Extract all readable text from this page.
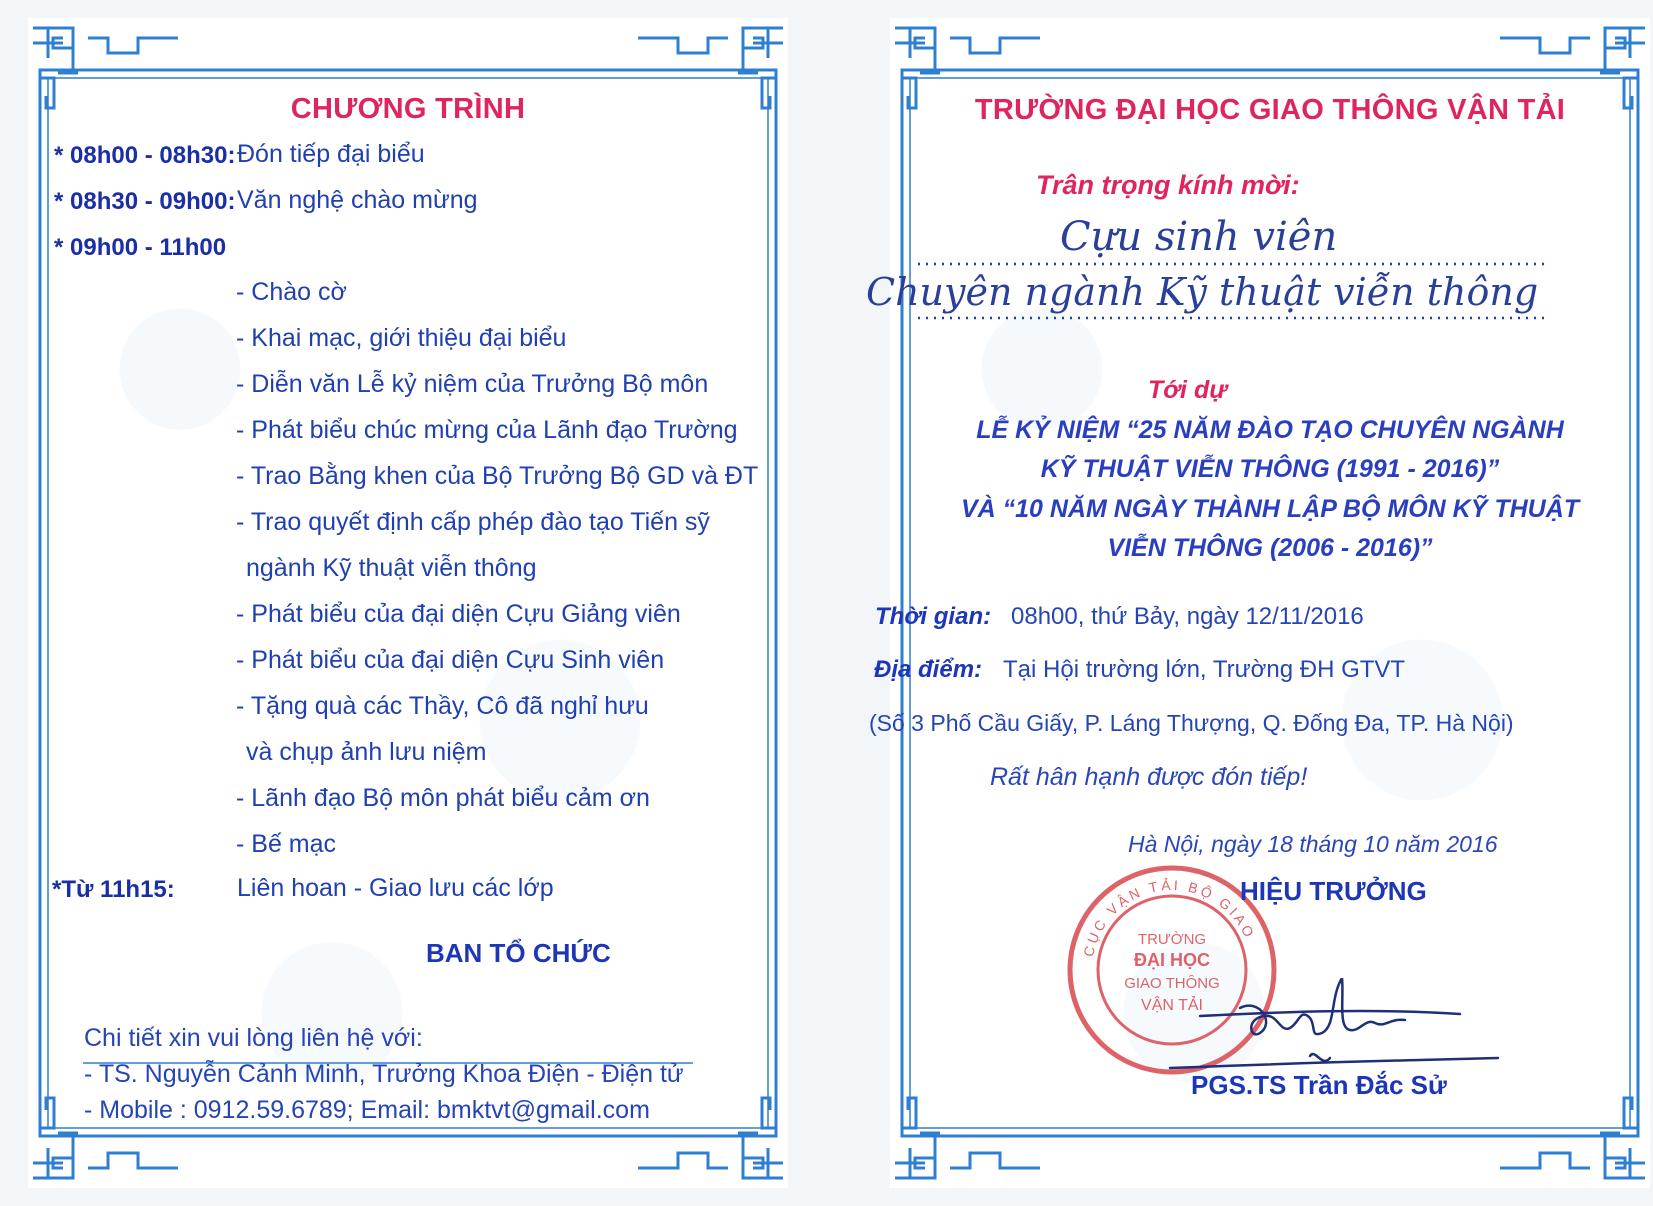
CHƯƠNG TRÌNH
* 08h00 - 08h30: Đón tiếp đại biểu
* 08h30 - 09h00: Văn nghệ chào mừng
* 09h00 - 11h00
- Chào cờ
- Khai mạc, giới thiệu đại biểu
- Diễn văn Lễ kỷ niệm của Trưởng Bộ môn
- Phát biểu chúc mừng của Lãnh đạo Trường
- Trao Bằng khen của Bộ Trưởng Bộ GD và ĐT
- Trao quyết định cấp phép đào tạo Tiến sỹ
ngành Kỹ thuật viễn thông
- Phát biểu của đại diện Cựu Giảng viên
- Phát biểu của đại diện Cựu Sinh viên
- Tặng quà các Thầy, Cô đã nghỉ hưu
và chụp ảnh lưu niệm
- Lãnh đạo Bộ môn phát biểu cảm ơn
- Bế mạc
*Từ 11h15: Liên hoan - Giao lưu các lớp
BAN TỔ CHỨC
Chi tiết xin vui lòng liên hệ với:
- TS. Nguyễn Cảnh Minh, Trưởng Khoa Điện - Điện tử
- Mobile : 0912.59.6789; Email: bmktvt@gmail.com
TRƯỜNG ĐẠI HỌC GIAO THÔNG VẬN TẢI
Trân trọng kính mời:
Cựu sinh viên
Chuyên ngành Kỹ thuật viễn thông
Tới dự
LỄ KỶ NIỆM “25 NĂM ĐÀO TẠO CHUYÊN NGÀNH
KỸ THUẬT VIỄN THÔNG (1991 - 2016)”
VÀ “10 NĂM NGÀY THÀNH LẬP BỘ MÔN KỸ THUẬT
VIỄN THÔNG (2006 - 2016)”
Thời gian: 08h00, thứ Bảy, ngày 12/11/2016
Địa điểm: Tại Hội trường lớn, Trường ĐH GTVT
(Số 3 Phố Cầu Giấy, P. Láng Thượng, Q. Đống Đa, TP. Hà Nội)
Rất hân hạnh được đón tiếp!
Hà Nội, ngày 18 tháng 10 năm 2016
TRƯỜNG
ĐẠI HỌC
GIAO THÔNG
VẬN TẢI
CỤC VẬN TẢI BỘ GIAO
HIỆU TRƯỞNG
PGS.TS Trần Đắc Sử
